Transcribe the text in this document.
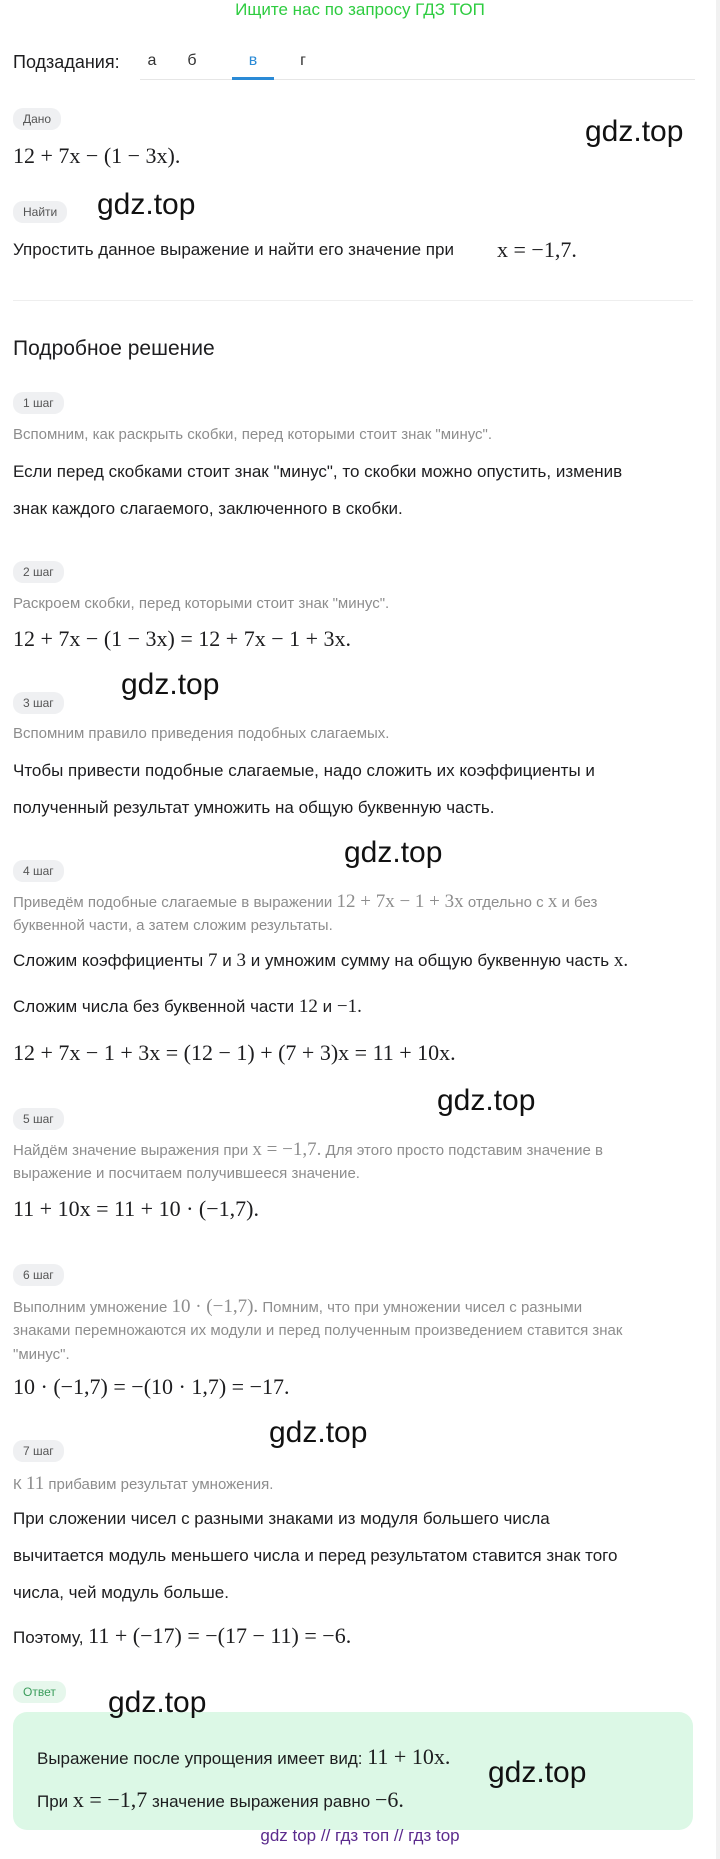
Ищите нас по запросу ГДЗ ТОП
Подзадания:	а	б	в	г
Дано
12 + 7x − (1 − 3x).
gdz.top
Найти	gdz.top
Упростить данное выражение и найти его значение при x = −1,7.
Подробное решение
1 шаг
Вспомним, как раскрыть скобки, перед которыми стоит знак "минус".
Если перед скобками стоит знак "минус", то скобки можно опустить, изменив
знак каждого слагаемого, заключенного в скобки.
2 шаг
Раскроем скобки, перед которыми стоит знак "минус".
12 + 7x − (1 − 3x) = 12 + 7x − 1 + 3x.
3 шаг
gdz.top
Вспомним правило приведения подобных слагаемых.
Чтобы привести подобные слагаемые, надо сложить их коэффициенты и
полученный результат умножить на общую буквенную часть.
4 шаг
gdz.top
Приведём подобные слагаемые в выражении 12 + 7x − 1 + 3x отдельно с x и без
буквенной части, а затем сложим результаты.
Сложим коэффициенты 7 и 3 и умножим сумму на общую буквенную часть x.
Сложим числа без буквенной части 12 и −1.
12 + 7x − 1 + 3x = (12 − 1) + (7 + 3)x = 11 + 10x.
5 шаг
gdz.top
Найдём значение выражения при x = −1,7. Для этого просто подставим значение в
выражение и посчитаем получившееся значение.
11 + 10x = 11 + 10 · (−1,7).
6 шаг
Выполним умножение 10 · (−1,7). Помним, что при умножении чисел с разными
знаками перемножаются их модули и перед полученным произведением ставится знак
"минус".
10 · (−1,7) = −(10 · 1,7) = −17.
7 шаг
gdz.top
К 11 прибавим результат умножения.
При сложении чисел с разными знаками из модуля большего числа
вычитается модуль меньшего числа и перед результатом ставится знак того
числа, чей модуль больше.
Поэтому, 11 + (−17) = −(17 − 11) = −6.
Ответ	gdz.top
Выражение после упрощения имеет вид: 11 + 10x. gdz.top
При x = −1,7 значение выражения равно −6.
gdz top // гдз топ // гдз top
